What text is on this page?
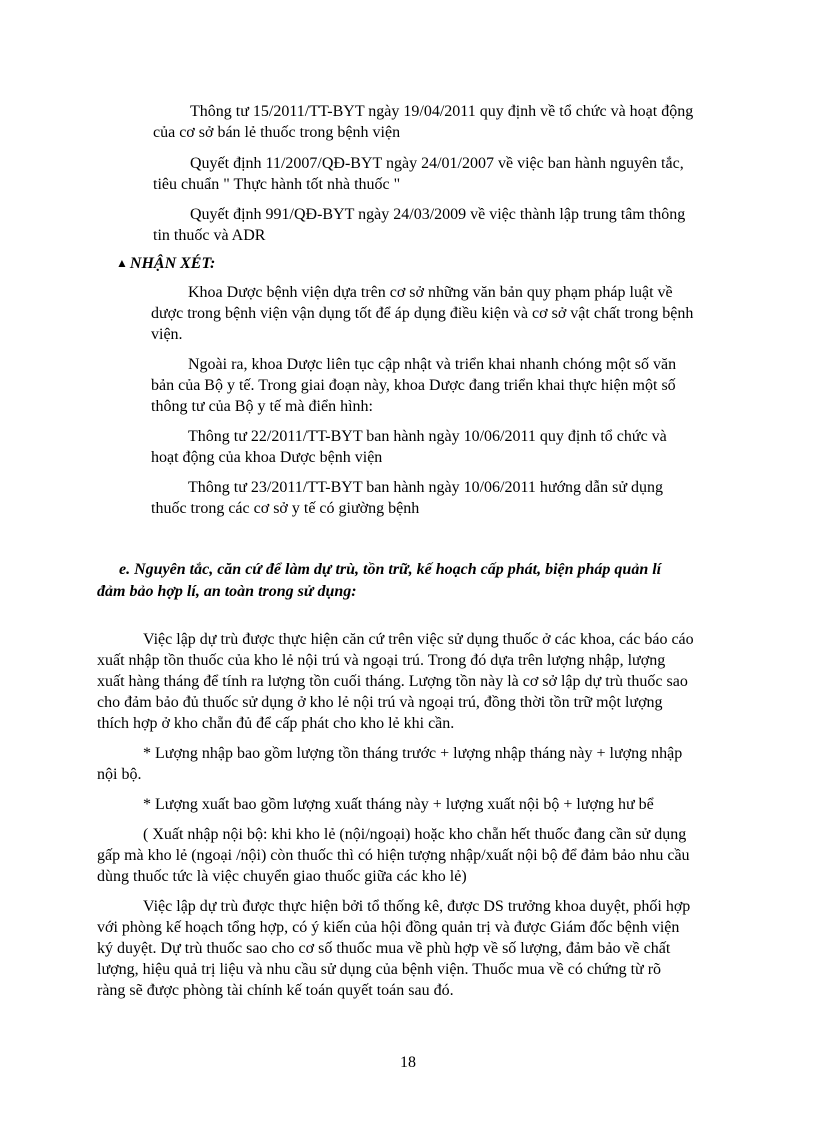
Thông tư 15/2011/TT-BYT ngày 19/04/2011 quy định về tổ chức và hoạt động
của cơ sở bán lẻ thuốc trong bệnh viện
Quyết định 11/2007/QĐ-BYT ngày 24/01/2007 về việc ban hành nguyên tắc,
tiêu chuẩn " Thực hành tốt nhà thuốc "
Quyết định 991/QĐ-BYT ngày 24/03/2009 về việc thành lập trung tâm thông
tin thuốc và ADR
▲ NHẬN XÉT:
Khoa Dược bệnh viện dựa trên cơ sở những văn bản quy phạm pháp luật về
dược trong bệnh viện vận dụng tốt để áp dụng điều kiện và cơ sở vật chất trong bệnh
viện.
Ngoài ra, khoa Dược liên tục cập nhật và triển khai nhanh chóng một số văn
bản của Bộ y tế. Trong giai đoạn này, khoa Dược đang triển khai thực hiện một số
thông tư của Bộ y tế mà điển hình:
Thông tư 22/2011/TT-BYT ban hành ngày 10/06/2011 quy định tổ chức và
hoạt động của khoa Dược bệnh viện
Thông tư 23/2011/TT-BYT ban hành ngày 10/06/2011 hướng dẫn sử dụng
thuốc trong các cơ sở y tế có giường bệnh
e. Nguyên tắc, căn cứ để làm dự trù, tồn trữ, kế hoạch cấp phát, biện pháp quản lí
đảm bảo hợp lí, an toàn trong sử dụng:
Việc lập dự trù được thực hiện căn cứ trên việc sử dụng thuốc ở các khoa, các báo cáo
xuất nhập tồn thuốc của kho lẻ nội trú và ngoại trú. Trong đó dựa trên lượng nhập, lượng
xuất hàng tháng để tính ra lượng tồn cuối tháng. Lượng tồn này là cơ sở lập dự trù thuốc sao
cho đảm bảo đủ thuốc sử dụng ở kho lẻ nội trú và ngoại trú, đồng thời tồn trữ một lượng
thích hợp ở kho chẵn đủ để cấp phát cho kho lẻ khi cần.
* Lượng nhập bao gồm lượng tồn tháng trước + lượng nhập tháng này + lượng nhập
nội bộ.
* Lượng xuất bao gồm lượng xuất tháng này + lượng xuất nội bộ + lượng hư bể
( Xuất nhập nội bộ: khi kho lẻ (nội/ngoại) hoặc kho chẵn hết thuốc đang cần sử dụng
gấp mà kho lẻ (ngoại /nội) còn thuốc thì có hiện tượng nhập/xuất nội bộ để đảm bảo nhu cầu
dùng thuốc tức là việc chuyển giao thuốc giữa các kho lẻ)
Việc lập dự trù được thực hiện bởi tổ thống kê, được DS trưởng khoa duyệt, phối hợp
với phòng kế hoạch tổng hợp, có ý kiến của hội đồng quản trị và được Giám đốc bệnh viện
ký duyệt. Dự trù thuốc sao cho cơ số thuốc mua về phù hợp về số lượng, đảm bảo về chất
lượng, hiệu quả trị liệu và nhu cầu sử dụng của bệnh viện. Thuốc mua về có chứng từ rõ
ràng sẽ được phòng tài chính kế toán quyết toán sau đó.
18
